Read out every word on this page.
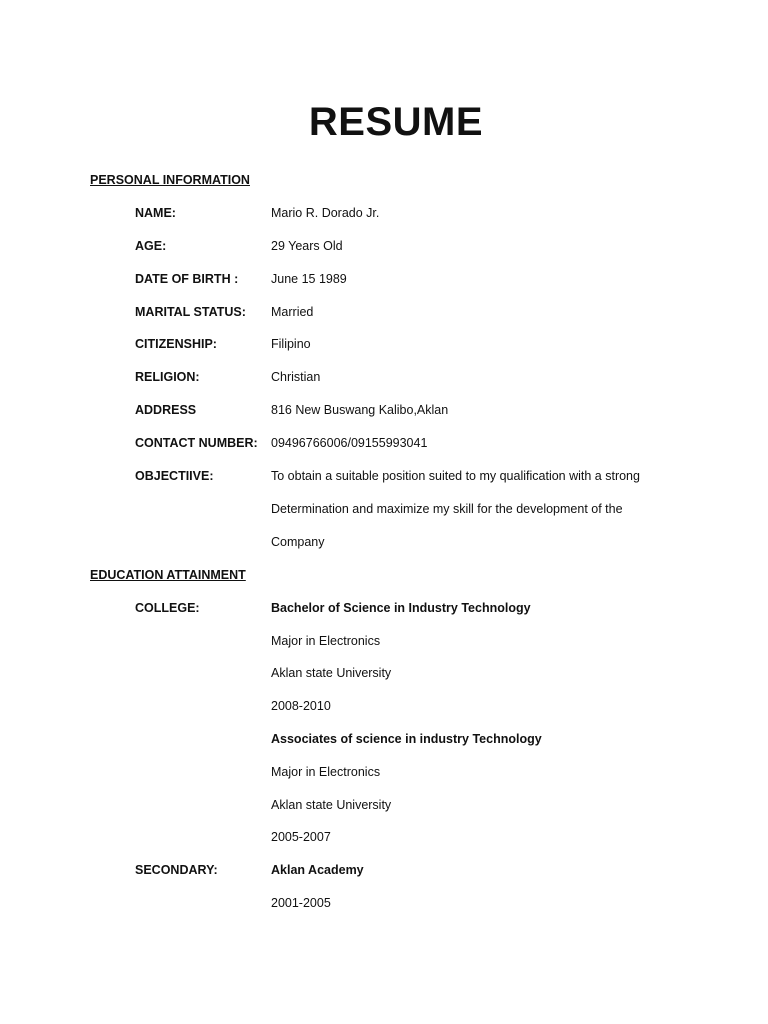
RESUME
PERSONAL INFORMATION
NAME:	Mario R. Dorado Jr.
AGE:	29 Years Old
DATE OF BIRTH :	June 15 1989
MARITAL STATUS: Married
CITIZENSHIP:	Filipino
RELIGION:	Christian
ADDRESS	816 New Buswang Kalibo,Aklan
CONTACT NUMBER: 09496766006/09155993041
OBJECTIIVE:	To obtain a suitable position suited to my qualification with a strong
Determination and maximize my skill for the development of the
Company
EDUCATION ATTAINMENT
COLLEGE:	Bachelor of Science in Industry Technology
Major in Electronics
Aklan state University
2008-2010
Associates of science in industry Technology
Major in Electronics
Aklan state University
2005-2007
SECONDARY:	Aklan Academy
2001-2005
